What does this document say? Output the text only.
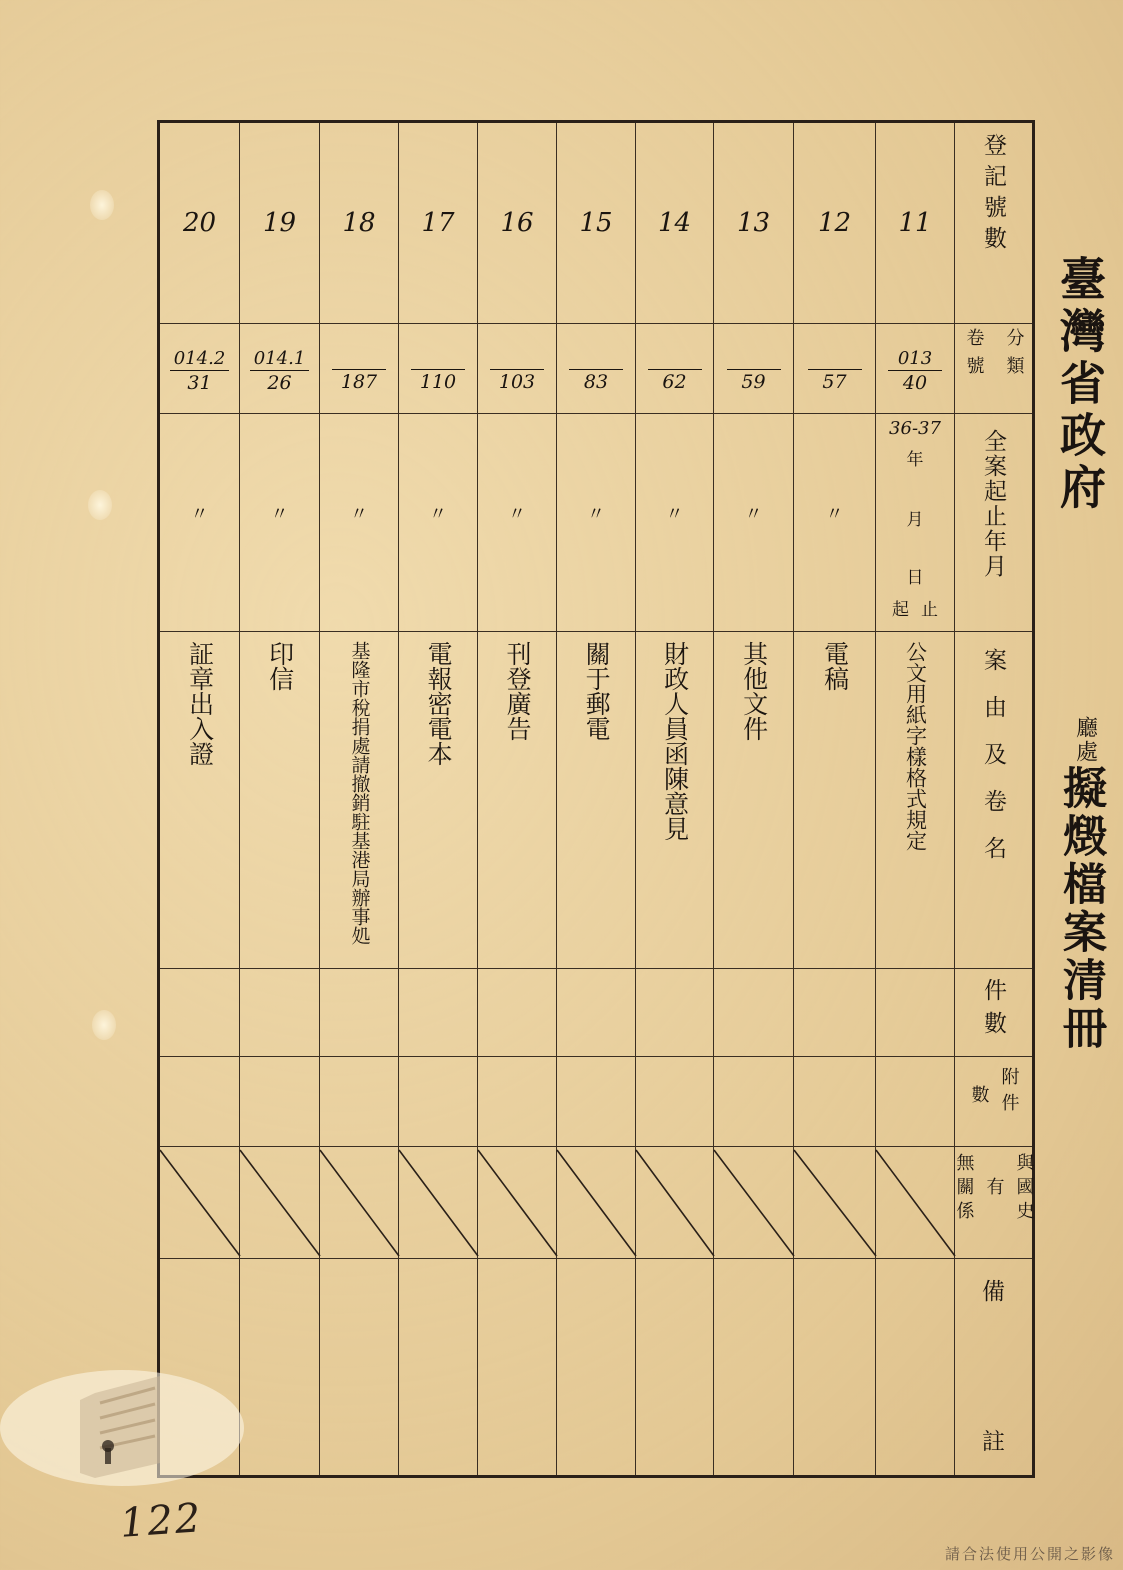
臺灣省政府
廳處
擬燬檔案清冊
登記號數
卷號 分類
全案起止年月
案由及卷名
件數
數 附件
無關係 有 與國史
備
註
11
013
40
36-37
年
月
日
起 止
公文用紙字樣格式規定
12
57
〃
電稿
13
59
〃
其他文件
14
62
〃
財政人員函陳意見
15
83
〃
關于郵電
16
103
〃
刊登廣告
17
110
〃
電報密電本
18
187
〃
基隆市稅捐處請撤銷駐基港局辦事処
19
014.1
26
〃
印信
20
014.2
31
〃
証章出入證
122
請合法使用公開之影像
